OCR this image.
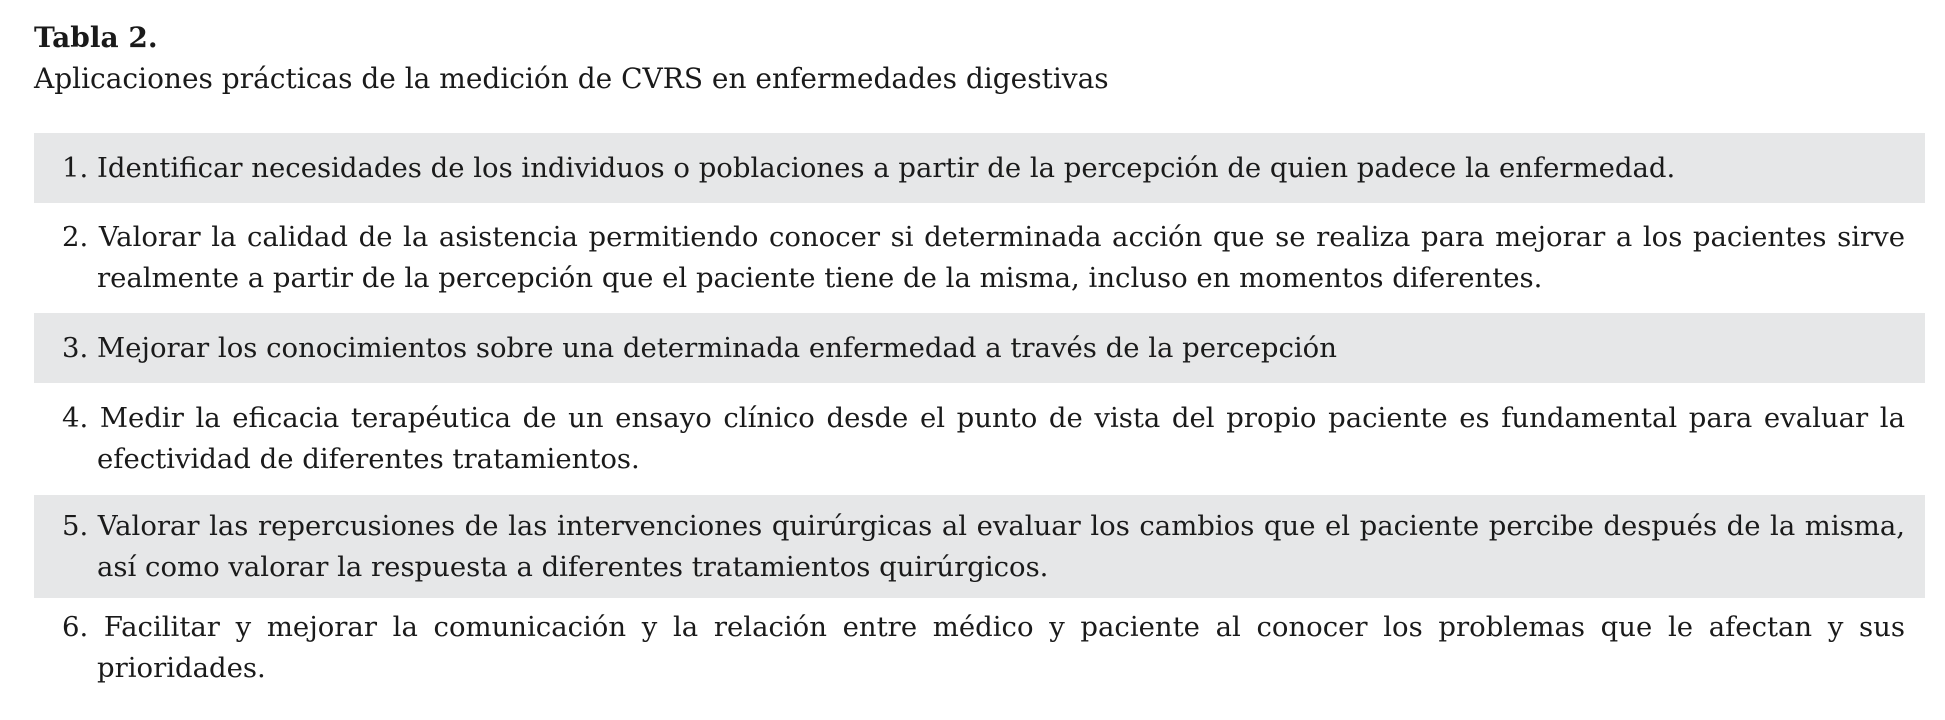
Tabla 2.
Aplicaciones prácticas de la medición de CVRS en enfermedades digestivas
1. Identificar necesidades de los individuos o poblaciones a partir de la percepción de quien padece la enfermedad.
2. Valorar la calidad de la asistencia permitiendo conocer si determinada acción que se realiza para mejorar a los pacientes sirve realmente a partir de la percepción que el paciente tiene de la misma, incluso en momentos diferentes.
3. Mejorar los conocimientos sobre una determinada enfermedad a través de la percepción
4. Medir la eficacia terapéutica de un ensayo clínico desde el punto de vista del propio paciente es fundamental para evaluar la efectividad de diferentes tratamientos.
5. Valorar las repercusiones de las intervenciones quirúrgicas al evaluar los cambios que el paciente percibe después de la misma, así como valorar la respuesta a diferentes tratamientos quirúrgicos.
6. Facilitar y mejorar la comunicación y la relación entre médico y paciente al conocer los problemas que le afectan y sus prioridades.
